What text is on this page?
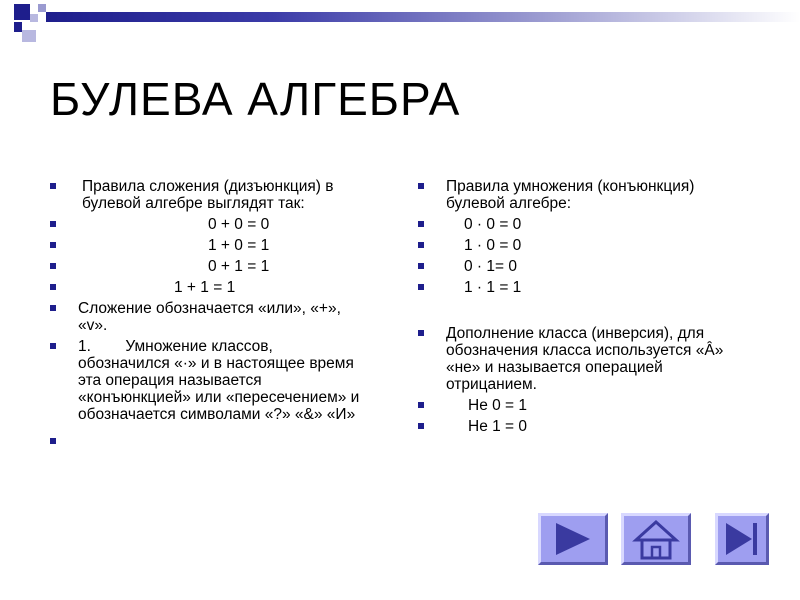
БУЛЕВА АЛГЕБРА
Правила сложения (дизъюнкция) в булевой алгебре выглядят так:
0 + 0 = 0
1 + 0 = 1
0 + 1 = 1
1 + 1 = 1
Сложение обозначается «или», «+», «v».
1.        Умножение классов, обозначился «·» и в настоящее время эта операция называется «конъюнкцией» или «пересечением» и обозначается символами «?» «&» «И»

Правила умножения (конъюнкция) булевой алгебре:
0 · 0 = 0
1 · 0 = 0
0 · 1= 0
1 · 1 = 1
Дополнение класса (инверсия), для обозначения класса используется «Â» «не» и называется операцией отрицанием.
Не 0 = 1
Не 1 = 0
